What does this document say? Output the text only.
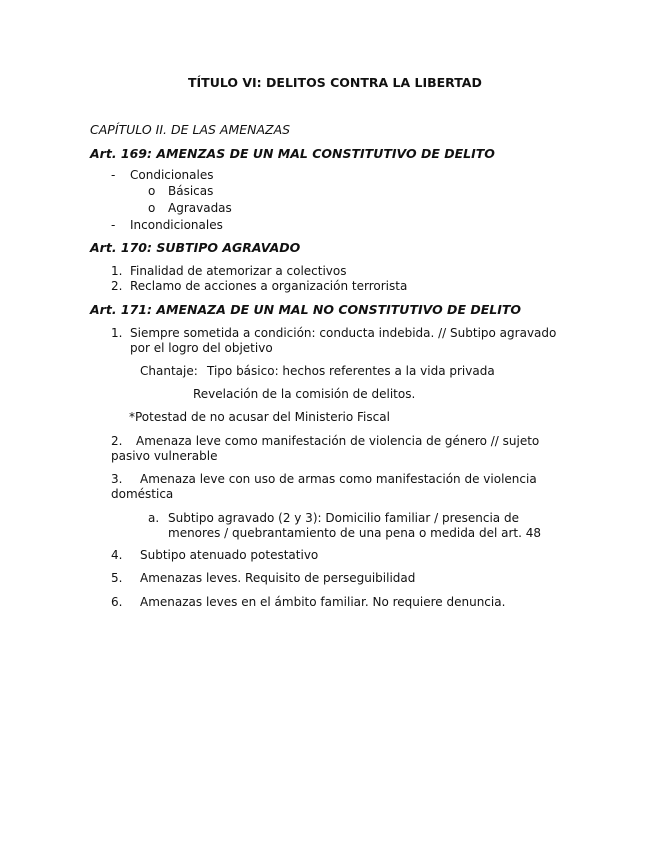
TÍTULO VI: DELITOS CONTRA LA LIBERTAD
CAPÍTULO II. DE LAS AMENAZAS
Art. 169: AMENZAS DE UN MAL CONSTITUTIVO DE DELITO
-	Condicionales
o Básicas
o Agravadas
- Incondicionales
Art. 170: SUBTIPO AGRAVADO
1. Finalidad de atemorizar a colectivos
2. Reclamo de acciones a organización terrorista
Art. 171: AMENAZA DE UN MAL NO CONSTITUTIVO DE DELITO
1. Siempre sometida a condición: conducta indebida. // Subtipo agravado
por el logro del objetivo
Chantaje: Tipo básico: hechos referentes a la vida privada
Revelación de la comisión de delitos.
*Potestad de no acusar del Ministerio Fiscal
2. Amenaza leve como manifestación de violencia de género // sujeto
pasivo vulnerable
3. Amenaza leve con uso de armas como manifestación de violencia
doméstica
a. Subtipo agravado (2 y 3): Domicilio familiar / presencia de
menores / quebrantamiento de una pena o medida del art. 48
4. Subtipo atenuado potestativo
5. Amenazas leves. Requisito de perseguibilidad
6. Amenazas leves en el ámbito familiar. No requiere denuncia.
